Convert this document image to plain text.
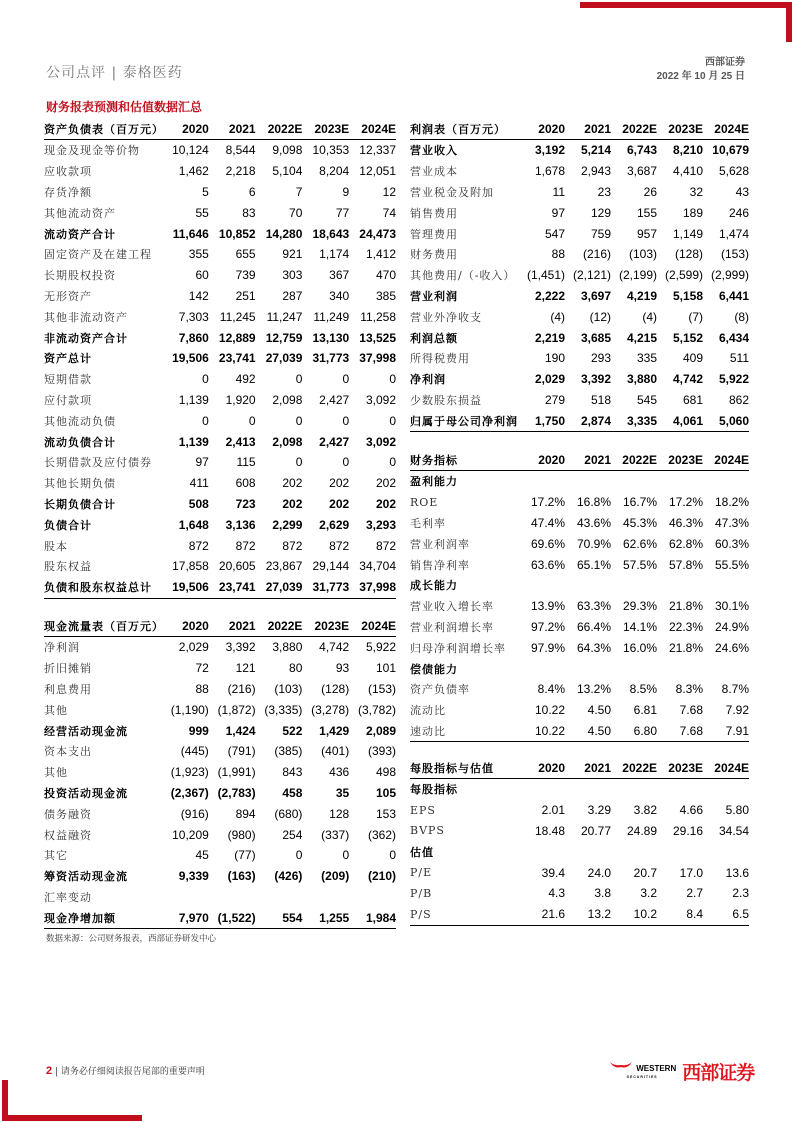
公司点评 | 泰格医药
西部证券
2022 年 10 月 25 日
财务报表预测和估值数据汇总
资产负债表（百万元）	2020	2021	2022E	2023E	2024E
现金及现金等价物	10,124	8,544	9,098	10,353	12,337
应收款项	1,462	2,218	5,104	8,204	12,051
存货净额	5	6	7	9	12
其他流动资产	55	83	70	77	74
流动资产合计	11,646	10,852	14,280	18,643	24,473
固定资产及在建工程	355	655	921	1,174	1,412
长期股权投资	60	739	303	367	470
无形资产	142	251	287	340	385
其他非流动资产	7,303	11,245	11,247	11,249	11,258
非流动资产合计	7,860	12,889	12,759	13,130	13,525
资产总计	19,506	23,741	27,039	31,773	37,998
短期借款	0	492	0	0	0
应付款项	1,139	1,920	2,098	2,427	3,092
其他流动负债	0	0	0	0	0
流动负债合计	1,139	2,413	2,098	2,427	3,092
长期借款及应付债券	97	115	0	0	0
其他长期负债	411	608	202	202	202
长期负债合计	508	723	202	202	202
负债合计	1,648	3,136	2,299	2,629	3,293
股本	872	872	872	872	872
股东权益	17,858	20,605	23,867	29,144	34,704
负债和股东权益总计	19,506	23,741	27,039	31,773	37,998
现金流量表（百万元）	2020	2021	2022E	2023E	2024E
净利润	2,029	3,392	3,880	4,742	5,922
折旧摊销	72	121	80	93	101
利息费用	88	(216)	(103)	(128)	(153)
其他	(1,190)	(1,872)	(3,335)	(3,278)	(3,782)
经营活动现金流	999	1,424	522	1,429	2,089
资本支出	(445)	(791)	(385)	(401)	(393)
其他	(1,923)	(1,991)	843	436	498
投资活动现金流	(2,367)	(2,783)	458	35	105
债务融资	(916)	894	(680)	128	153
权益融资	10,209	(980)	254	(337)	(362)
其它	45	(77)	0	0	0
筹资活动现金流	9,339	(163)	(426)	(209)	(210)
汇率变动					
现金净增加额	7,970	(1,522)	554	1,255	1,984
利润表（百万元）	2020	2021	2022E	2023E	2024E
营业收入	3,192	5,214	6,743	8,210	10,679
营业成本	1,678	2,943	3,687	4,410	5,628
营业税金及附加	11	23	26	32	43
销售费用	97	129	155	189	246
管理费用	547	759	957	1,149	1,474
财务费用	88	(216)	(103)	(128)	(153)
其他费用/（-收入）	(1,451)	(2,121)	(2,199)	(2,599)	(2,999)
营业利润	2,222	3,697	4,219	5,158	6,441
营业外净收支	(4)	(12)	(4)	(7)	(8)
利润总额	2,219	3,685	4,215	5,152	6,434
所得税费用	190	293	335	409	511
净利润	2,029	3,392	3,880	4,742	5,922
少数股东损益	279	518	545	681	862
归属于母公司净利润	1,750	2,874	3,335	4,061	5,060
财务指标	2020	2021	2022E	2023E	2024E
盈利能力					
ROE	17.2%	16.8%	16.7%	17.2%	18.2%
毛利率	47.4%	43.6%	45.3%	46.3%	47.3%
营业利润率	69.6%	70.9%	62.6%	62.8%	60.3%
销售净利率	63.6%	65.1%	57.5%	57.8%	55.5%
成长能力					
营业收入增长率	13.9%	63.3%	29.3%	21.8%	30.1%
营业利润增长率	97.2%	66.4%	14.1%	22.3%	24.9%
归母净利润增长率	97.9%	64.3%	16.0%	21.8%	24.6%
偿债能力					
资产负债率	8.4%	13.2%	8.5%	8.3%	8.7%
流动比	10.22	4.50	6.81	7.68	7.92
速动比	10.22	4.50	6.80	7.68	7.91
每股指标与估值	2020	2021	2022E	2023E	2024E
每股指标					
EPS	2.01	3.29	3.82	4.66	5.80
BVPS	18.48	20.77	24.89	29.16	34.54
估值					
P/E	39.4	24.0	20.7	17.0	13.6
P/B	4.3	3.8	3.2	2.7	2.3
P/S	21.6	13.2	10.2	8.4	6.5
数据来源：公司财务报表，西部证券研发中心
2 | 请务必仔细阅读报告尾部的重要声明	WESTERN
SECURITIES	西部证券
